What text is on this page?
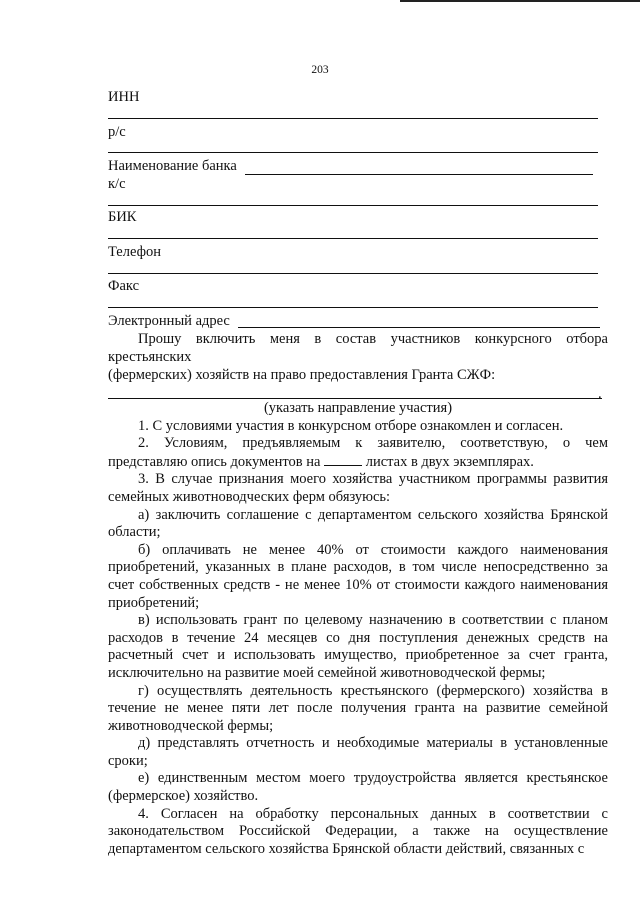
203
ИНН
р/с
Наименование банка
к/с
БИК
Телефон
Факс
Электронный адрес

Прошу включить меня в состав участников конкурсного отбора крестьянских

(фермерских) хозяйств на право предоставления Гранта СЖФ:

.

(указать направление участия)

1. С условиями участия в конкурсном отборе ознакомлен и согласен.

2. Условиям, предъявляемым к заявителю, соответствую, о чем представляю опись документов на	листах в двух экземплярах.

3. В случае признания моего хозяйства участником программы развития семейных животноводческих ферм обязуюсь:

а) заключить соглашение с департаментом сельского хозяйства Брянской области;

б) оплачивать не менее 40% от стоимости каждого наименования приобретений, указанных в плане расходов, в том числе непосредственно за счет собственных средств - не менее 10% от стоимости каждого наименования приобретений;

в) использовать грант по целевому назначению в соответствии с планом расходов в течение 24 месяцев со дня поступления денежных средств на расчетный счет и использовать имущество, приобретенное за счет гранта, исключительно на развитие моей семейной животноводческой фермы;

г) осуществлять деятельность крестьянского (фермерского) хозяйства в течение не менее пяти лет после получения гранта на развитие семейной животноводческой фермы;

д) представлять отчетность и необходимые материалы в установленные сроки;

е) единственным местом моего трудоустройства является крестьянское (фермерское) хозяйство.

4. Согласен на обработку персональных данных в соответствии с законодательством Российской Федерации, а также на осуществление департаментом сельского хозяйства Брянской области действий, связанных с
